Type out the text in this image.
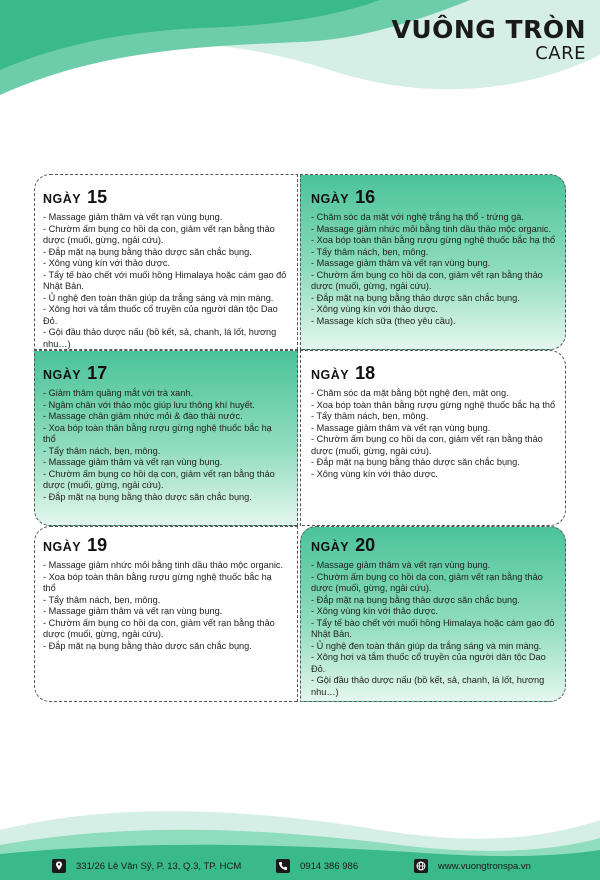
VUÔNG TRÒN
CARE
NGÀY 15
- Massage giảm thâm và vết rạn vùng bụng.
- Chườm ấm bụng co hồi dạ con, giảm vết rạn bằng thảo dược (muối, gừng, ngải cứu).
- Đắp mặt nạ bụng bằng thảo dược săn chắc bụng.
- Xông vùng kín với thảo dược.
- Tẩy tế bào chết với muối hồng Himalaya hoặc cám gạo đỏ Nhật Bản.
- Ủ nghệ đen toàn thân giúp da trắng sáng và mịn màng.
- Xông hơi và tắm thuốc cổ truyền của người dân tộc Dao Đỏ.
- Gội đầu thảo dược nấu (bồ kết, sả, chanh, lá lốt, hương nhu…)
NGÀY 16
- Chăm sóc da mặt với nghệ trắng hạ thổ - trứng gà.
- Massage giảm nhức mỏi bằng tinh dầu thảo mộc organic.
- Xoa bóp toàn thân bằng rượu gừng nghệ thuốc bắc hạ thổ
- Tẩy thâm nách, bẹn, mông.
- Massage giảm thâm và vết rạn vùng bụng.
- Chườm ấm bụng co hồi dạ con, giảm vết rạn bằng thảo dược (muối, gừng, ngải cứu).
- Đắp mặt nạ bụng bằng thảo dược săn chắc bụng.
- Xông vùng kín với thảo dược.
- Massage kích sữa (theo yêu cầu).
NGÀY 17
- Giảm thâm quầng mắt với trà xanh.
- Ngâm chân với thảo mộc giúp lưu thông khí huyết.
- Massage chân giảm nhức mỏi & đào thải nước.
- Xoa bóp toàn thân bằng rượu gừng nghệ thuốc bắc hạ thổ
- Tẩy thâm nách, bẹn, mông.
- Massage giảm thâm và vết rạn vùng bụng.
- Chườm ấm bụng co hồi dạ con, giảm vết rạn bằng thảo dược (muối, gừng, ngải cứu).
- Đắp mặt nạ bụng bằng thảo dược săn chắc bụng.
NGÀY 18
- Chăm sóc da mặt bằng bột nghệ đen, mật ong.
- Xoa bóp toàn thân bằng rượu gừng nghệ thuốc bắc hạ thổ
- Tẩy thâm nách, bẹn, mông.
- Massage giảm thâm và vết rạn vùng bụng.
- Chườm ấm bụng co hồi dạ con, giảm vết rạn bằng thảo dược (muối, gừng, ngải cứu).
- Đắp mặt nạ bụng bằng thảo dược săn chắc bụng.
- Xông vùng kín với thảo dược.
NGÀY 19
- Massage giảm nhức mỏi bằng tinh dầu thảo mộc organic.
- Xoa bóp toàn thân bằng rượu gừng nghệ thuốc bắc hạ thổ
- Tẩy thâm nách, bẹn, mông.
- Massage giảm thâm và vết rạn vùng bụng.
- Chườm ấm bụng co hồi dạ con, giảm vết rạn bằng thảo dược (muối, gừng, ngải cứu).
- Đắp mặt nạ bụng bằng thảo dược săn chắc bụng.
NGÀY 20
- Massage giảm thâm và vết rạn vùng bụng.
- Chườm ấm bụng co hồi dạ con, giảm vết rạn bằng thảo dược (muối, gừng, ngải cứu).
- Đắp mặt nạ bụng bằng thảo dược săn chắc bụng.
- Xông vùng kín với thảo dược.
- Tẩy tế bào chết với muối hồng Himalaya hoặc cám gạo đỏ Nhật Bản.
- Ủ nghệ đen toàn thân giúp da trắng sáng và mịn màng.
- Xông hơi và tắm thuốc cổ truyền của người dân tộc Dao Đỏ.
- Gội đầu thảo dược nấu (bồ kết, sả, chanh, lá lốt, hương nhu…)
331/26 Lê Văn Sỹ, P. 13, Q.3, TP. HCM	0914 386 986	www.vuongtronspa.vn
